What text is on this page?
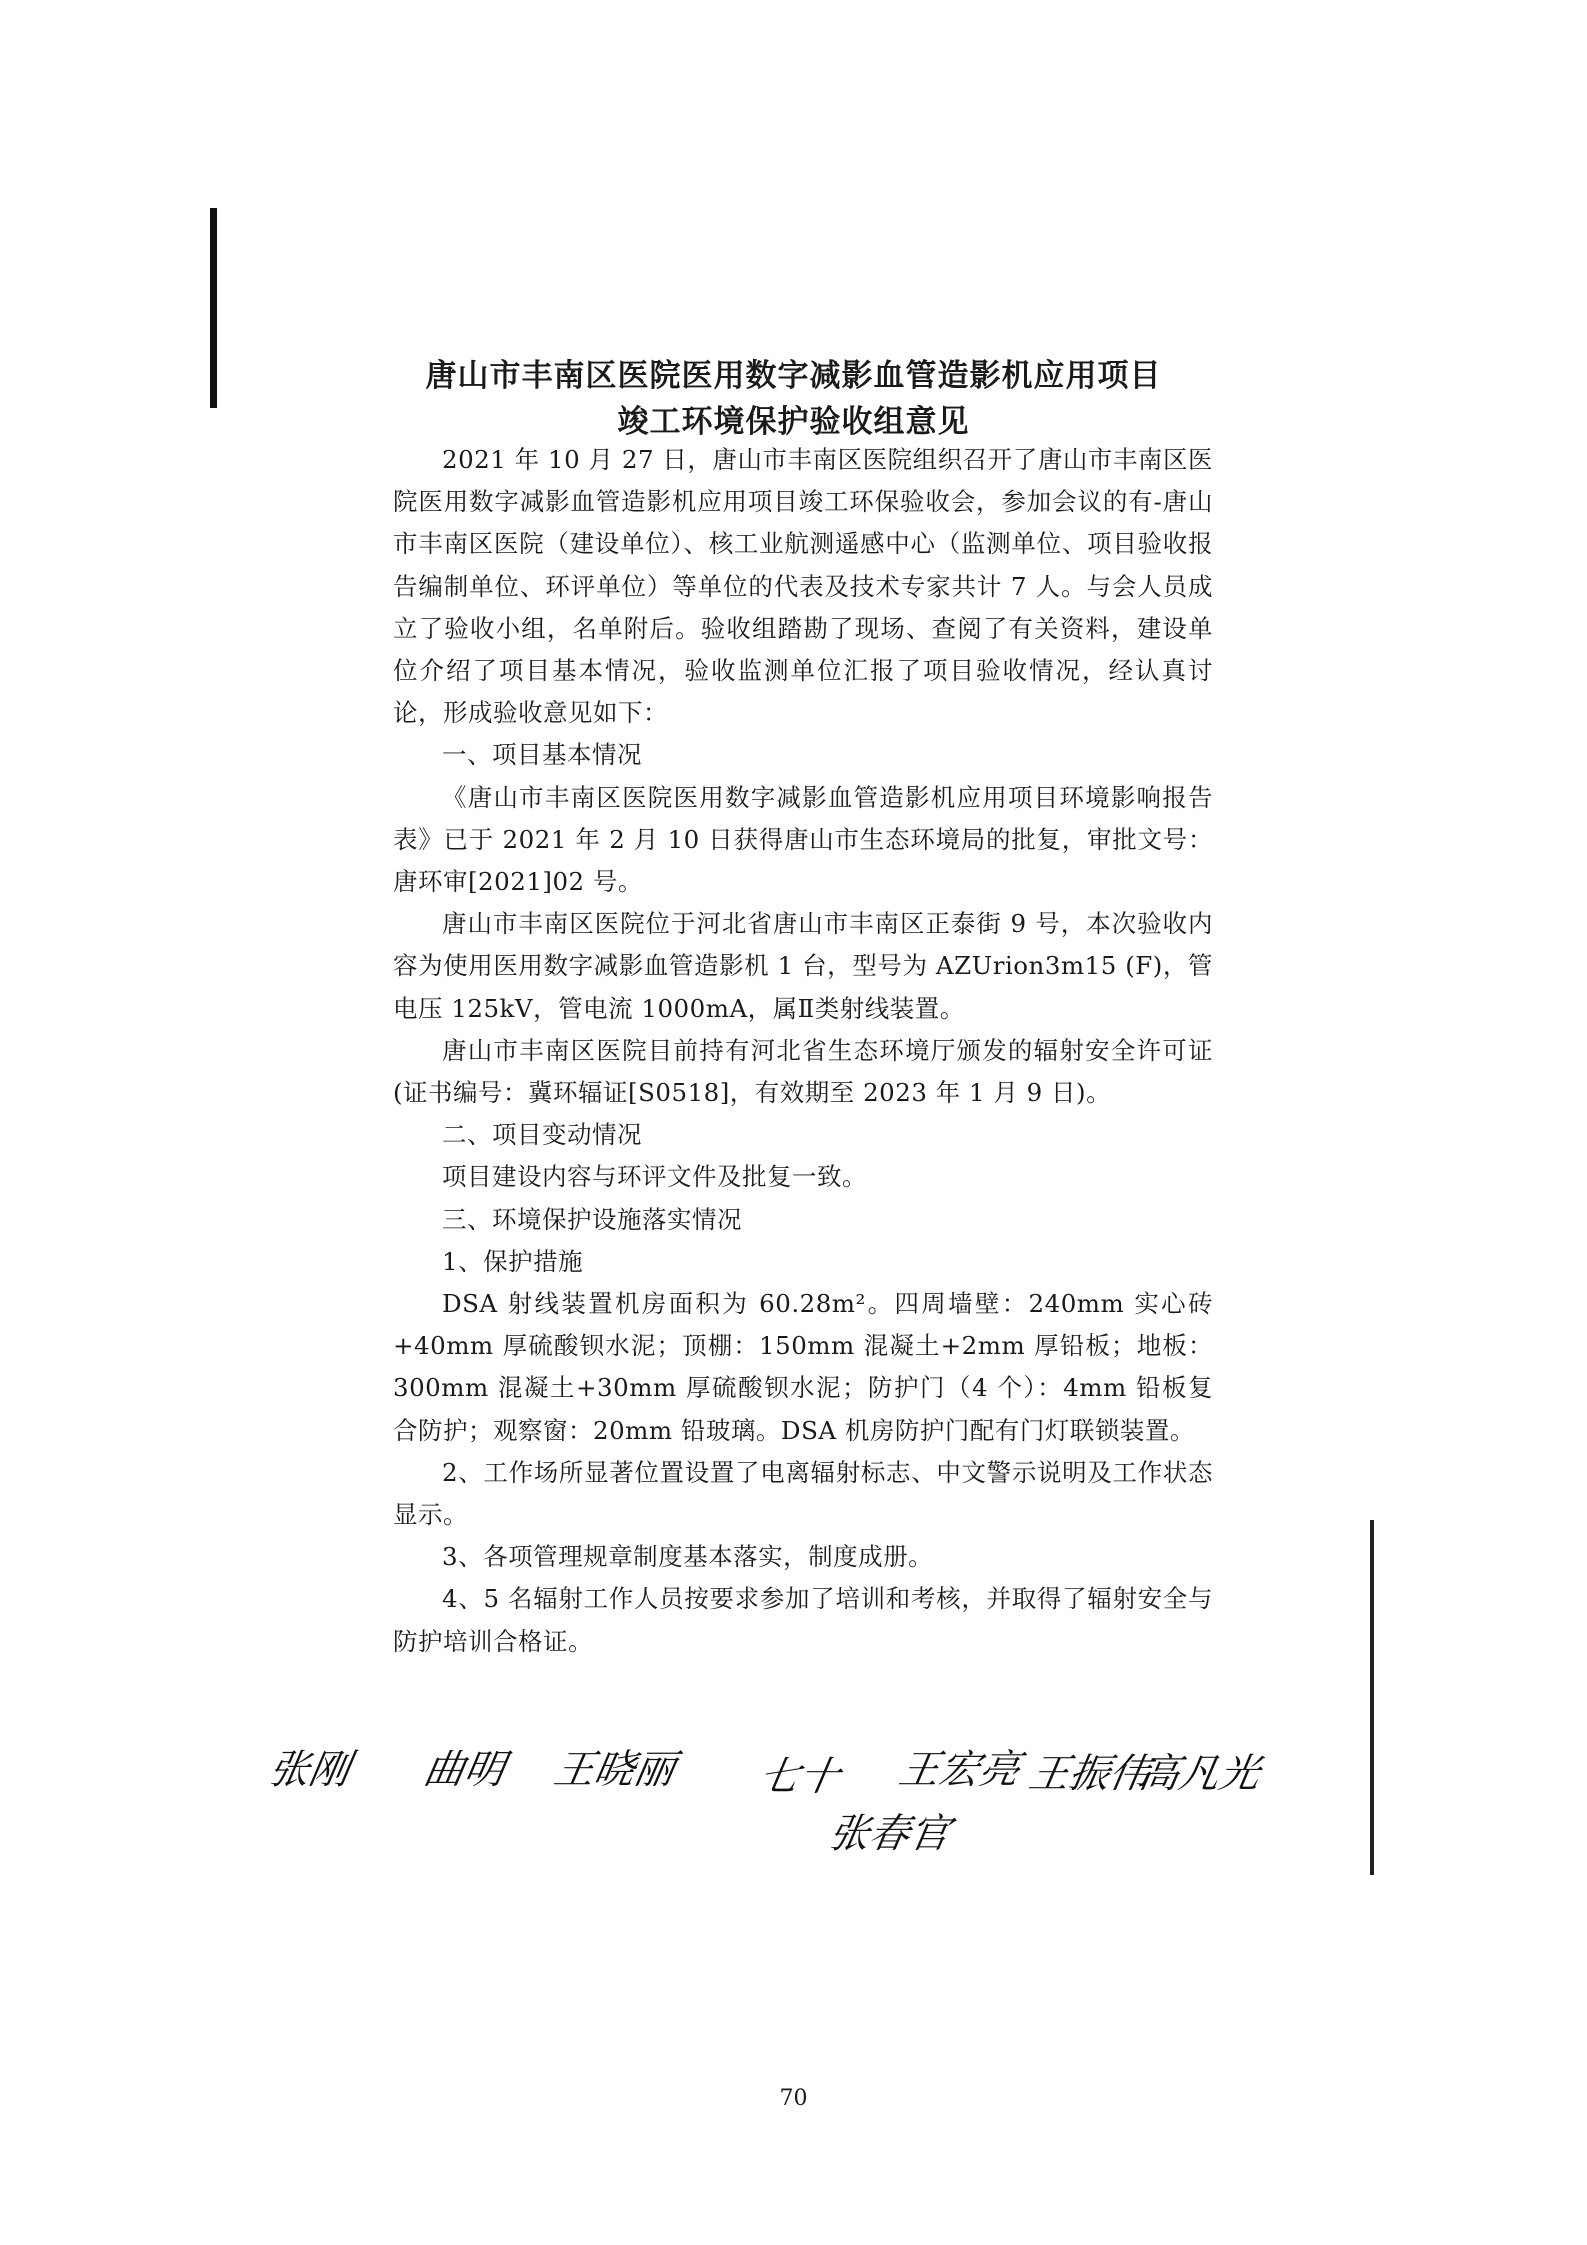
唐山市丰南区医院医用数字减影血管造影机应用项目
竣工环境保护验收组意见

2021 年 10 月 27 日，唐山市丰南区医院组织召开了唐山市丰南区医院医用数字减影血管造影机应用项目竣工环保验收会，参加会议的有-唐山市丰南区医院（建设单位）、核工业航测遥感中心（监测单位、项目验收报告编制单位、环评单位）等单位的代表及技术专家共计 7 人。与会人员成立了验收小组，名单附后。验收组踏勘了现场、查阅了有关资料，建设单位介绍了项目基本情况，验收监测单位汇报了项目验收情况，经认真讨论，形成验收意见如下：

一、项目基本情况

《唐山市丰南区医院医用数字减影血管造影机应用项目环境影响报告表》已于 2021 年 2 月 10 日获得唐山市生态环境局的批复，审批文号：唐环审[2021]02 号。

唐山市丰南区医院位于河北省唐山市丰南区正泰街 9 号，本次验收内容为使用医用数字减影血管造影机 1 台，型号为 AZUrion3m15 (F)，管电压 125kV，管电流 1000mA，属Ⅱ类射线装置。

唐山市丰南区医院目前持有河北省生态环境厅颁发的辐射安全许可证(证书编号：冀环辐证[S0518]，有效期至 2023 年 1 月 9 日)。

二、项目变动情况

项目建设内容与环评文件及批复一致。

三、环境保护设施落实情况

1、保护措施

DSA 射线装置机房面积为 60.28m²。四周墙壁：240mm 实心砖+40mm 厚硫酸钡水泥；顶棚：150mm 混凝土+2mm 厚铅板；地板：300mm 混凝土+30mm 厚硫酸钡水泥；防护门（4 个）：4mm 铅板复合防护；观察窗：20mm 铅玻璃。DSA 机房防护门配有门灯联锁装置。

2、工作场所显著位置设置了电离辐射标志、中文警示说明及工作状态显示。

3、各项管理规章制度基本落实，制度成册。

4、5 名辐射工作人员按要求参加了培训和考核，并取得了辐射安全与防护培训合格证。

张刚 曲明 王晓丽 七十 王宏亮 王振伟
高凡光
张春官
70
